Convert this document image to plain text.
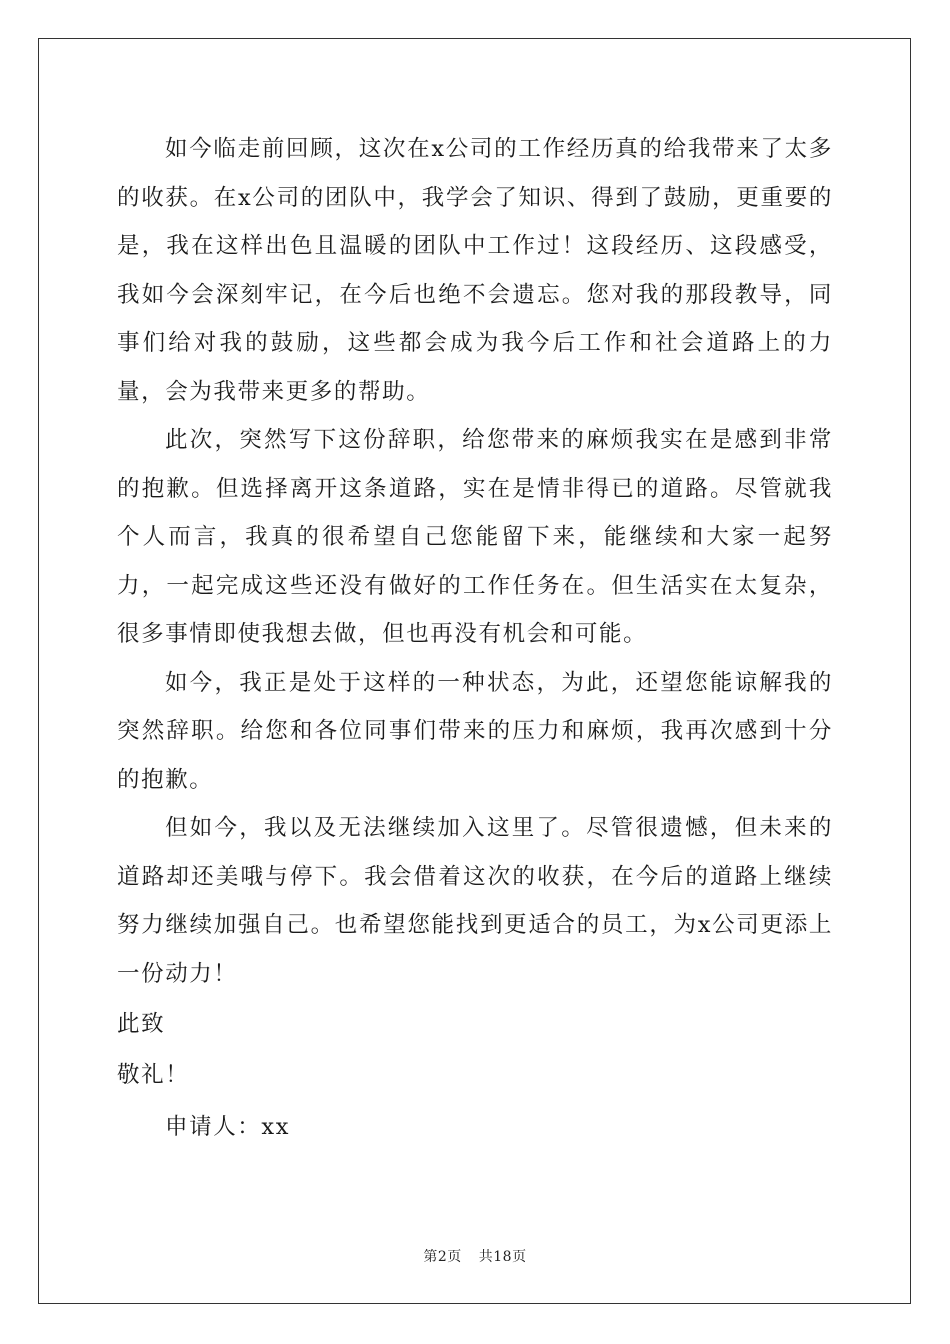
如今临走前回顾，这次在x公司的工作经历真的给我带来了太多的收获。在x公司的团队中，我学会了知识、得到了鼓励，更重要的是，我在这样出色且温暖的团队中工作过！这段经历、这段感受，我如今会深刻牢记，在今后也绝不会遗忘。您对我的那段教导，同事们给对我的鼓励，这些都会成为我今后工作和社会道路上的力量，会为我带来更多的帮助。

此次，突然写下这份辞职，给您带来的麻烦我实在是感到非常的抱歉。但选择离开这条道路，实在是情非得已的道路。尽管就我个人而言，我真的很希望自己您能留下来，能继续和大家一起努力，一起完成这些还没有做好的工作任务在。但生活实在太复杂，很多事情即使我想去做，但也再没有机会和可能。

如今，我正是处于这样的一种状态，为此，还望您能谅解我的突然辞职。给您和各位同事们带来的压力和麻烦，我再次感到十分的抱歉。

但如今，我以及无法继续加入这里了。尽管很遗憾，但未来的道路却还美哦与停下。我会借着这次的收获，在今后的道路上继续努力继续加强自己。也希望您能找到更适合的员工，为x公司更添上一份动力！

此致

敬礼！

申请人：xx

第2页 共18页
